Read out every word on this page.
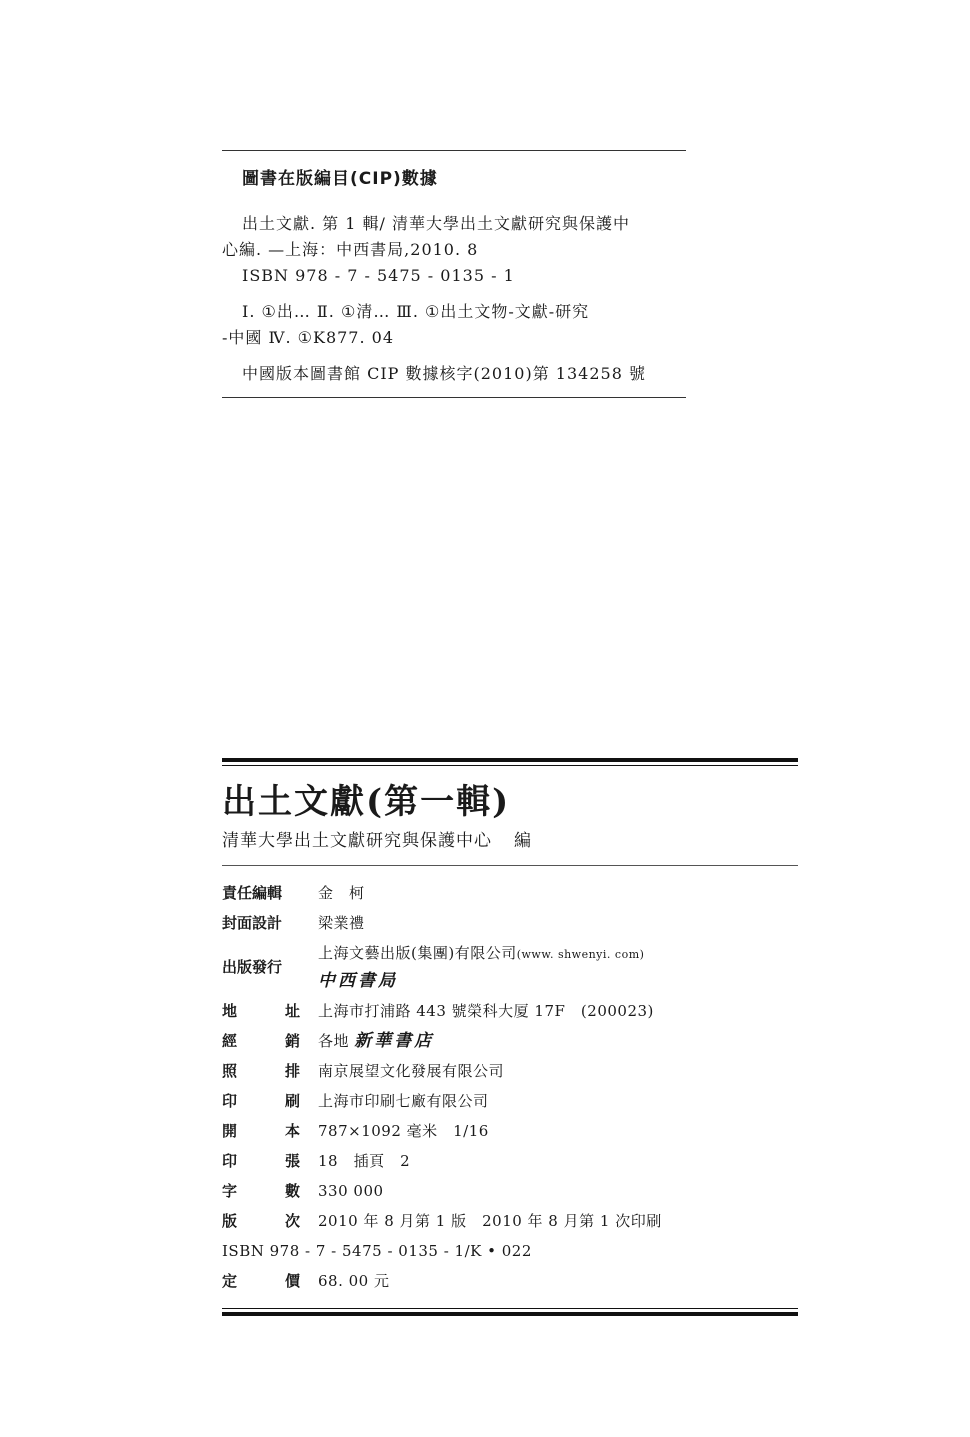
圖書在版編目(CIP)數據

出土文獻. 第 1 輯/ 清華大學出土文獻研究與保護中

心編. —上海：中西書局,2010. 8

ISBN 978 - 7 - 5475 - 0135 - 1

Ⅰ. ①出… Ⅱ. ①清… Ⅲ. ①出土文物-文獻-研究

-中國 Ⅳ. ①K877. 04

中國版本圖書館 CIP 數據核字(2010)第 134258 號

出土文獻(第一輯)
清華大學出土文獻研究與保護中心 編
責任編輯	金　柯
封面設計	梁業禮
出版發行
上海文藝出版(集團)有限公司(www. shwenyi. com)
中西書局
地	址 上海市打浦路 443 號榮科大厦 17F　(200023)
經	銷 各地 新華書店
照	排 南京展望文化發展有限公司
印	刷 上海市印刷七廠有限公司
開	本 787×1092 毫米　1/16
印	張 18　插頁　2
字	數 330 000
版	次 2010 年 8 月第 1 版　2010 年 8 月第 1 次印刷
ISBN 978 - 7 - 5475 - 0135 - 1/K • 022
定	價 68. 00 元
